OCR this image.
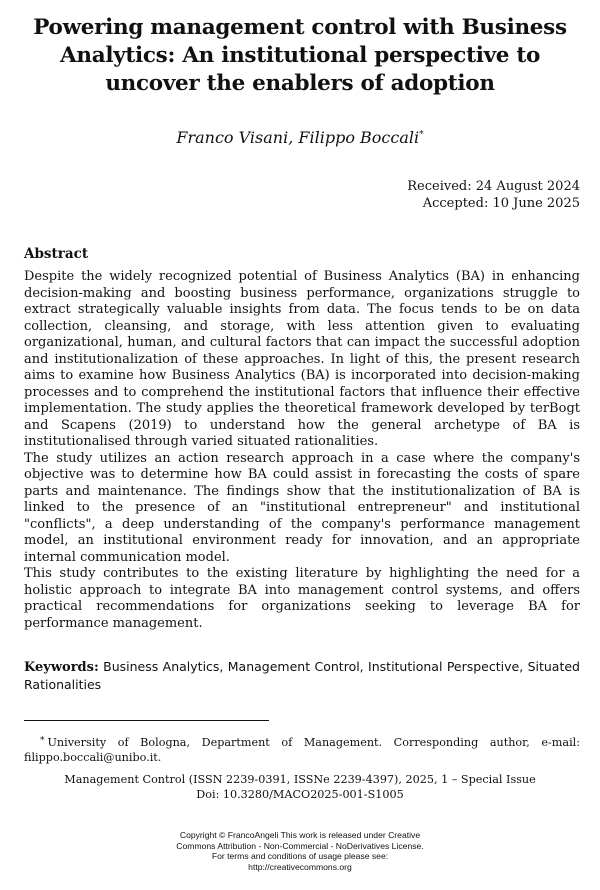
Powering management control with Business
Analytics: An institutional perspective to
uncover the enablers of adoption
Franco Visani, Filippo Boccali*
Received: 24 August 2024
Accepted: 10 June 2025
Abstract

Despite the widely recognized potential of Business Analytics (BA) in enhancing decision-making and boosting business performance, organizations struggle to extract strategically valuable insights from data. The focus tends to be on data collection, cleansing, and storage, with less attention given to evaluating organizational, human, and cultural factors that can impact the successful adoption and institutionalization of these approaches. In light of this, the present research aims to examine how Business Analytics (BA) is incorporated into decision-making processes and to comprehend the institutional factors that influence their effective implementation. The study applies the theoretical framework developed by terBogt and Scapens (2019) to understand how the general archetype of BA is institutionalised through varied situated rationalities.

The study utilizes an action research approach in a case where the company's objective was to determine how BA could assist in forecasting the costs of spare parts and maintenance. The findings show that the institutionalization of BA is linked to the presence of an "institutional entrepreneur" and institutional "conflicts", a deep understanding of the company's performance management model, an institutional environment ready for innovation, and an appropriate internal communication model.

This study contributes to the existing literature by highlighting the need for a holistic approach to integrate BA into management control systems, and offers practical recommendations for organizations seeking to leverage BA for performance management.

Keywords: Business Analytics, Management Control, Institutional Perspective, Situated Rationalities
* University of Bologna, Department of Management. Corresponding author, e-mail: filippo.boccali@unibo.it.
Management Control (ISSN 2239-0391, ISSNe 2239-4397), 2025, 1 – Special Issue
Doi: 10.3280/MACO2025-001-S1005
Copyright © FrancoAngeli This work is released under Creative
Commons Attribution - Non-Commercial - NoDerivatives License.
For terms and conditions of usage please see:
http://creativecommons.org
